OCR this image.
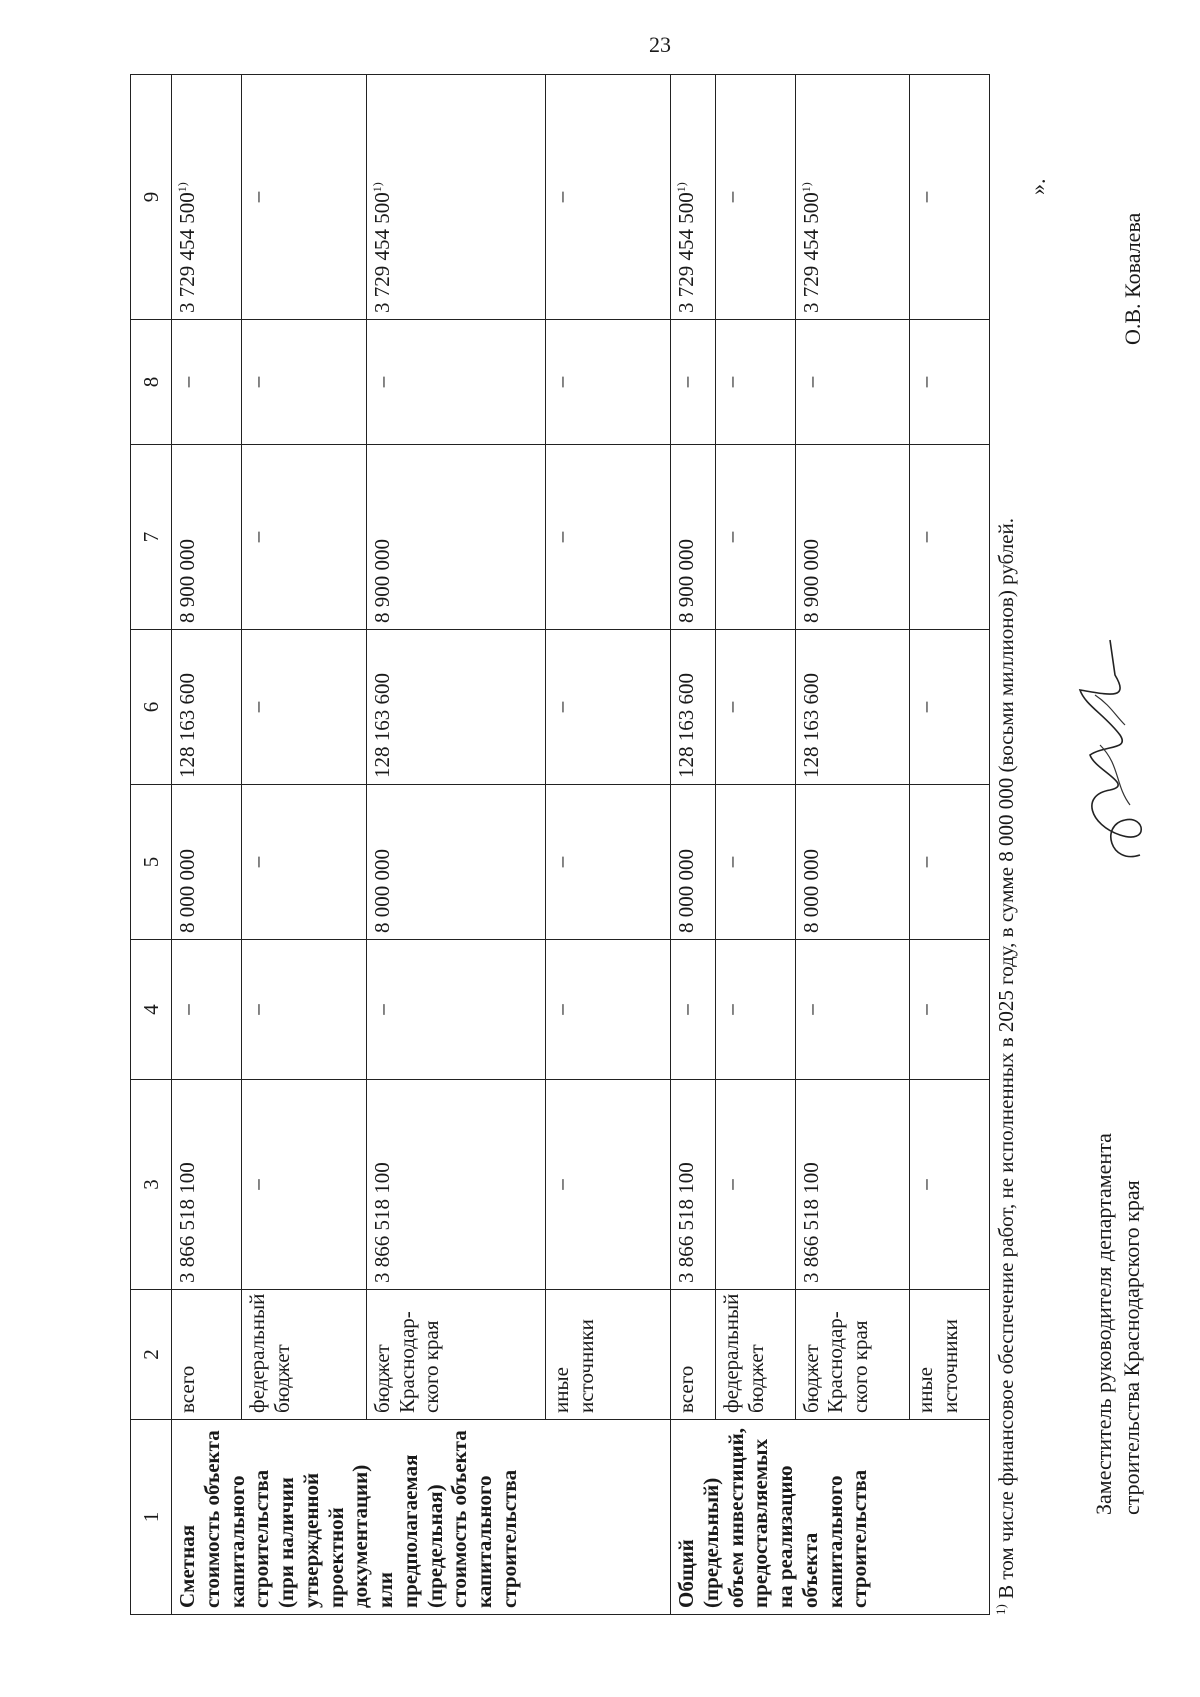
23
1	2	3	4	5	6	7	8	9
Сметная стоимость объекта капитального строительства (при наличии утвержденной проектной документации) или предполагаемая (предельная) стоимость объекта капитального строительства	всего	3 866 518 100	–	8 000 000	128 163 600	8 900 000	–	3 729 454 500$^{1)}$
	федеральный бюджет	–	–	–	–	–	–	–
	бюджет Краснодар-ского края	3 866 518 100	–	8 000 000	128 163 600	8 900 000	–	3 729 454 500$^{1)}$
	иные источники	–	–	–	–	–	–	–
Общий (предельный) объем инвестиций, предоставляемых на реализацию объекта капитального строительства	всего	3 866 518 100	–	8 000 000	128 163 600	8 900 000	–	3 729 454 500$^{1)}$
	федеральный бюджет	–	–	–	–	–	–	–
	бюджет Краснодар-ского края	3 866 518 100	–	8 000 000	128 163 600	8 900 000	–	3 729 454 500$^{1)}$
	иные источники	–	–	–	–	–	–	–
$^{1)}$ В том числе финансовое обеспечение работ, не исполненных в 2025 году, в сумме 8 000 000 (восьми миллионов) рублей.
».
Заместитель руководителя департамента строительства Краснодарского края
О.В. Ковалева
